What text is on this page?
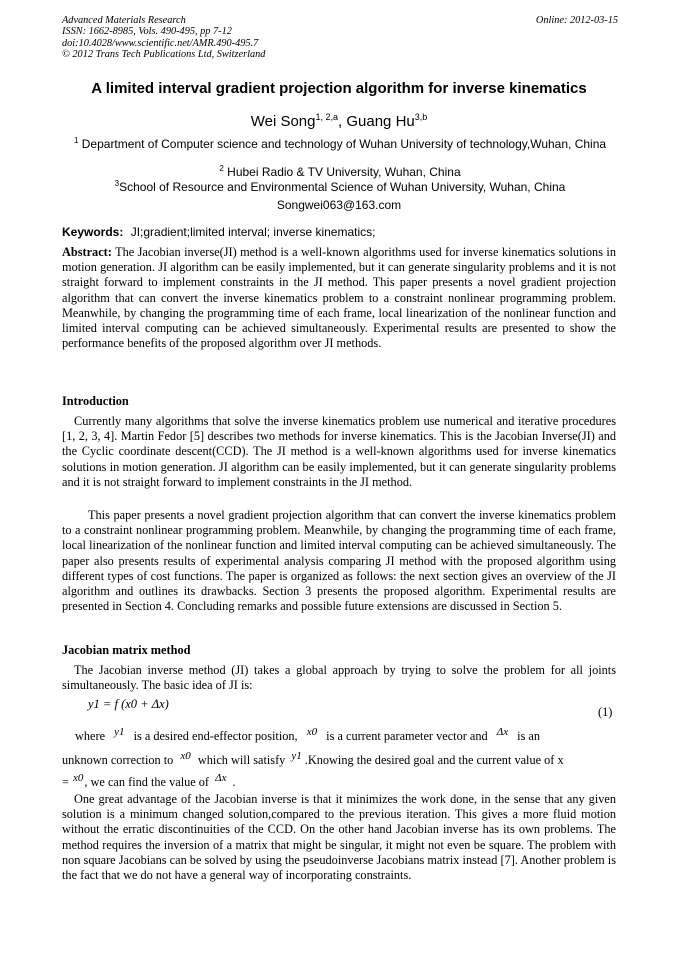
Advanced Materials Research
ISSN: 1662-8985, Vols. 490-495, pp 7-12
doi:10.4028/www.scientific.net/AMR.490-495.7
© 2012 Trans Tech Publications Ltd, Switzerland
Online: 2012-03-15
A limited interval gradient projection algorithm for inverse kinematics
Wei Song$^{1, 2,a}$, Guang Hu$^{3,b}$
$^1$ Department of Computer science and technology of Wuhan University of technology,Wuhan, China
$^2$ Hubei Radio & TV University, Wuhan, China
$^3$School of Resource and Environmental Science of Wuhan University, Wuhan, China
Songwei063@163.com
Keywords: JI;gradient;limited interval; inverse kinematics;
Abstract: The Jacobian inverse(JI) method is a well-known algorithms used for inverse kinematics solutions in motion generation. JI algorithm can be easily implemented, but it can generate singularity problems and it is not straight forward to implement constraints in the JI method. This paper presents a novel gradient projection algorithm that can convert the inverse kinematics problem to a constraint nonlinear programming problem. Meanwhile, by changing the programming time of each frame, local linearization of the nonlinear function and limited interval computing can be achieved simultaneously. Experimental results are presented to show the performance benefits of the proposed algorithm over JI methods.
Introduction
Currently many algorithms that solve the inverse kinematics problem use numerical and iterative procedures [1, 2, 3, 4]. Martin Fedor [5] describes two methods for inverse kinematics. This is the Jacobian Inverse(JI) and the Cyclic coordinate descent(CCD). The JI method is a well-known algorithms used for inverse kinematics solutions in motion generation. JI algorithm can be easily implemented, but it can generate singularity problems and it is not straight forward to implement constraints in the JI method.
This paper presents a novel gradient projection algorithm that can convert the inverse kinematics problem to a constraint nonlinear programming problem. Meanwhile, by changing the programming time of each frame, local linearization of the nonlinear function and limited interval computing can be achieved simultaneously. The paper also presents results of experimental analysis comparing JI method with the proposed algorithm using different types of cost functions. The paper is organized as follows: the next section gives an overview of the JI algorithm and outlines its drawbacks. Section 3 presents the proposed algorithm. Experimental results are presented in Section 4. Concluding remarks and possible future extensions are discussed in Section 5.
Jacobian matrix method
The Jacobian inverse method (JI) takes a global approach by trying to solve the problem for all joints simultaneously. The basic idea of JI is:
y1 = f (x0 + Δx)
(1)
where y1 is a desired end-effector position, x0 is a current parameter vector and Δx is an
unknown correction to x0 which will satisfy y1 .Knowing the desired goal and the current value of x
= x0, we can find the value of Δx .
One great advantage of the Jacobian inverse is that it minimizes the work done, in the sense that any given solution is a minimum changed solution,compared to the previous iteration. This gives a more fluid motion without the erratic discontinuities of the CCD. On the other hand Jacobian inverse has its own problems. The method requires the inversion of a matrix that might be singular, it might not even be square. The problem with non square Jacobians can be solved by using the pseudoinverse Jacobians matrix instead [7]. Another problem is the fact that we do not have a general way of incorporating constraints.
